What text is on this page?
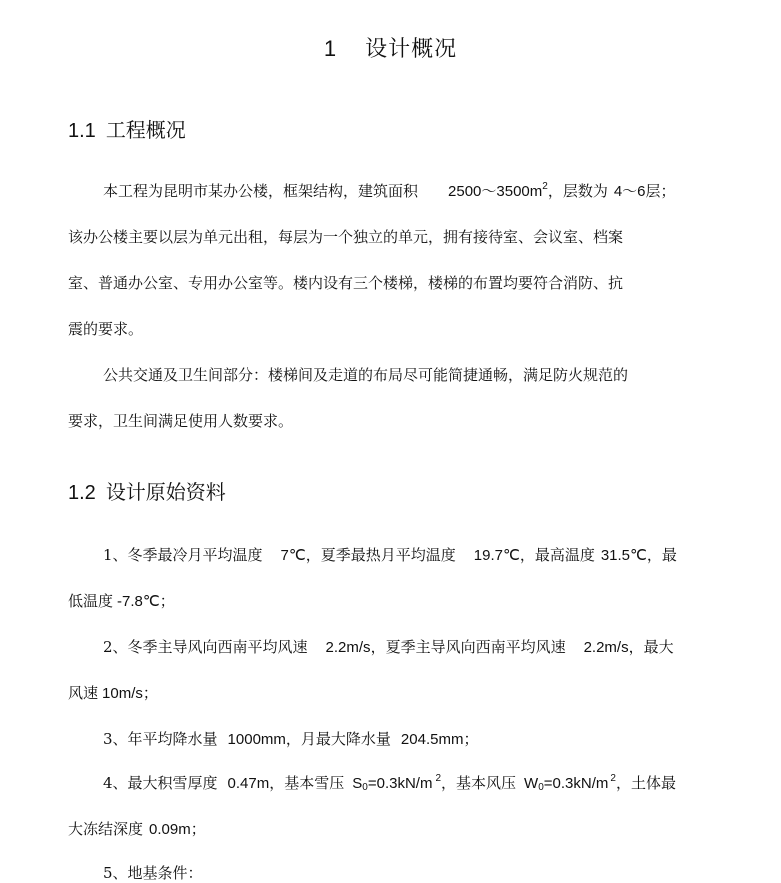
1 设计概况
1.1 工程概况
本工程为昆明市某办公楼，框架结构，建筑面积 $2500\sim 3500m^2$，层数为 4～6层；
该办公楼主要以层为单元出租，每层为一个独立的单元，拥有接待室、会议室、档案
室、普通办公室、专用办公室等。楼内设有三个楼梯，楼梯的布置均要符合消防、抗
震的要求。
公共交通及卫生间部分：楼梯间及走道的布局尽可能简捷通畅，满足防火规范的
要求，卫生间满足使用人数要求。
1.2 设计原始资料
1、冬季最冷月平均温度 7℃，夏季最热月平均温度 19.7℃，最高温度 31.5℃，最
低温度 -7.8℃；
2、冬季主导风向西南平均风速 2.2m/s，夏季主导风向西南平均风速 2.2m/s，最大
风速 10m/s；
3、年平均降水量 1000mm，月最大降水量 204.5mm；
4、最大积雪厚度 0.47m，基本雪压 $S_0=0.3kN/m$ $^2$，基本风压 $W_0=0.3kN/m$ $^2$，土体最
大冻结深度 0.09m；
5、地基条件：
